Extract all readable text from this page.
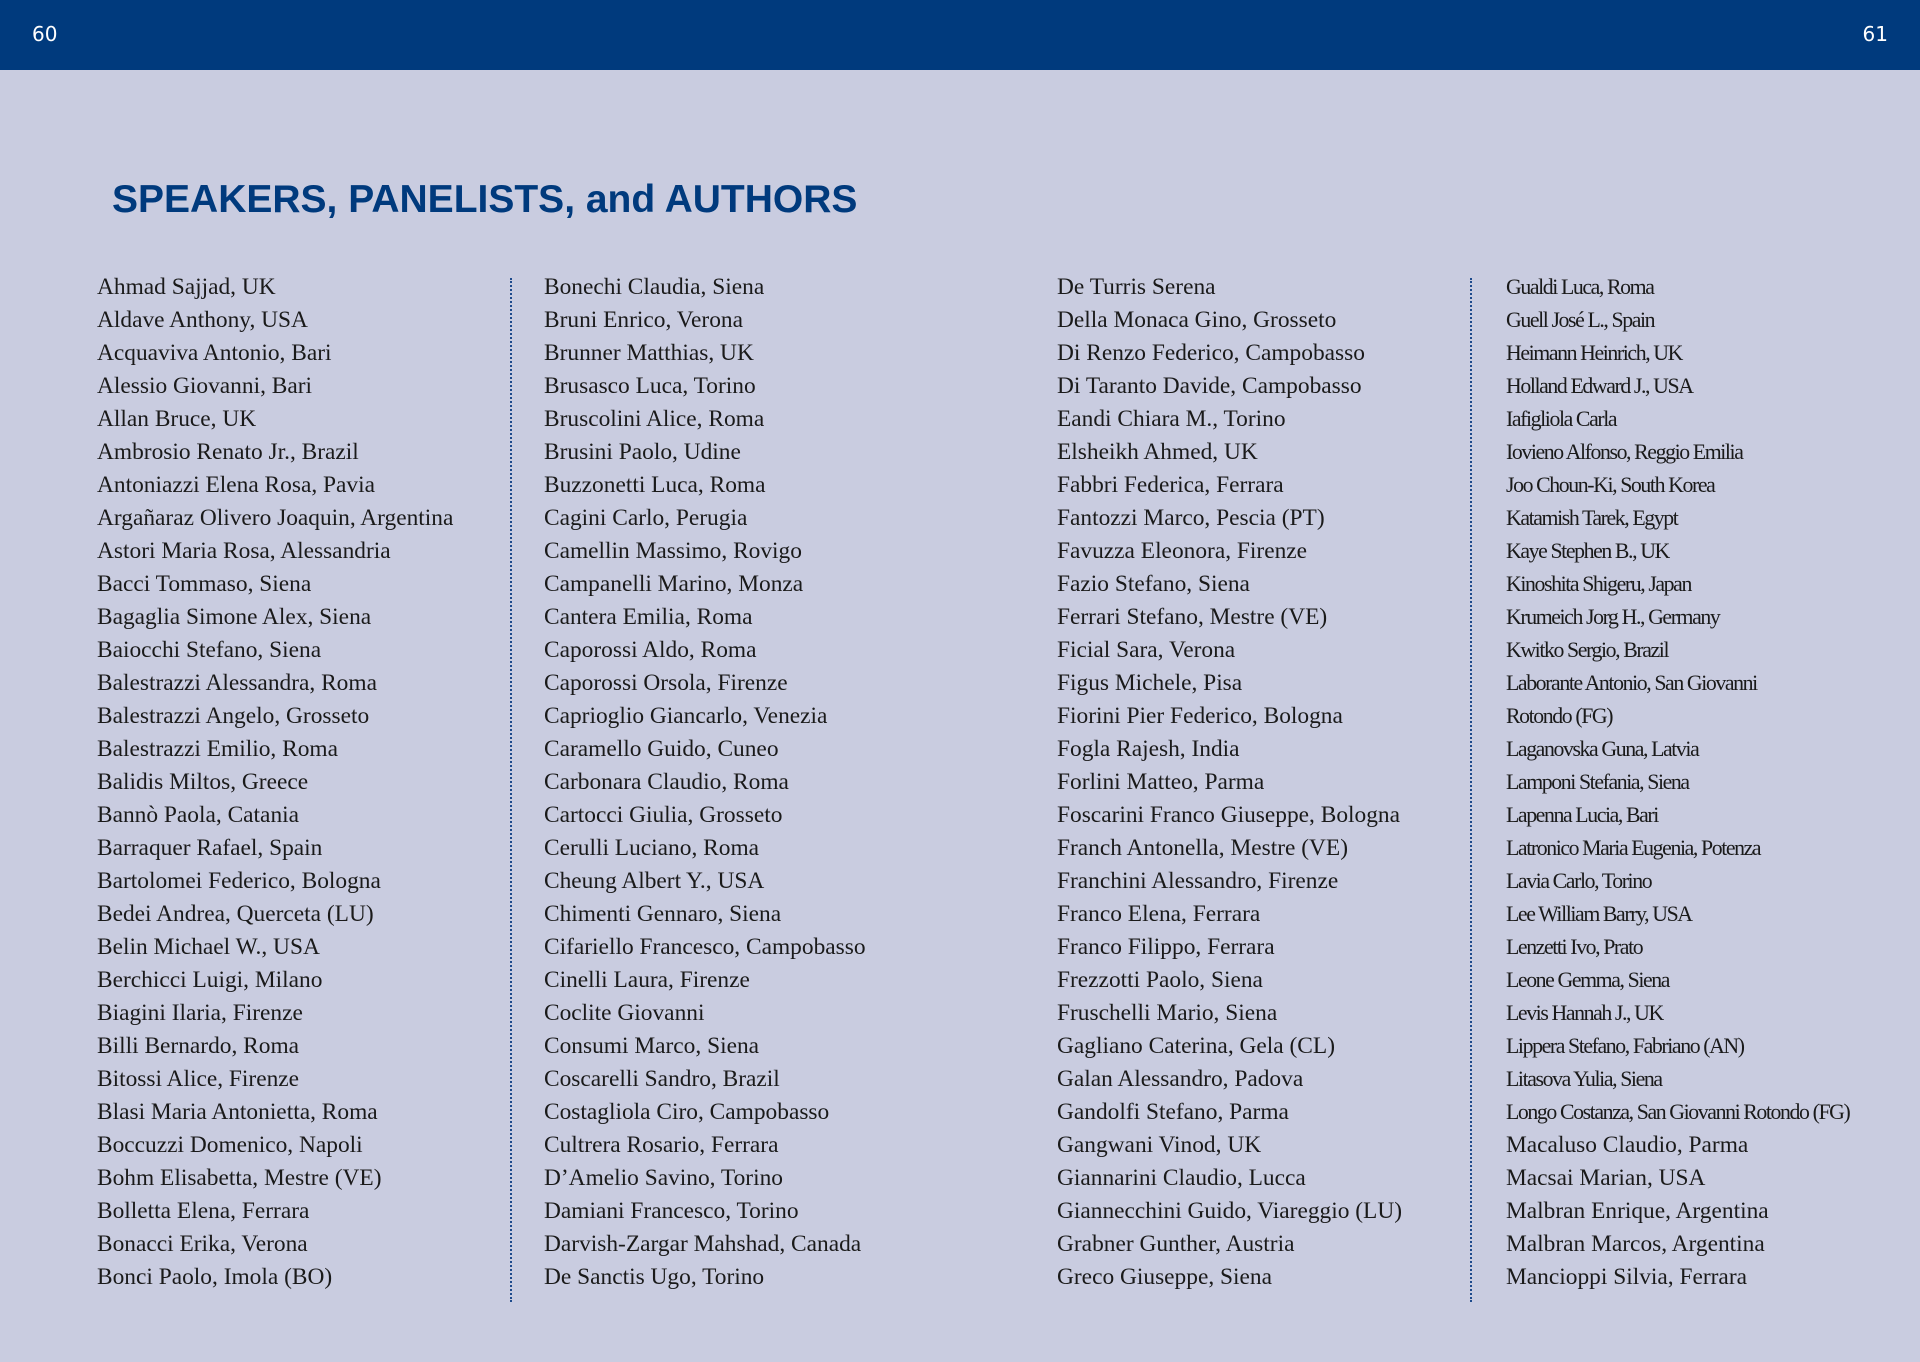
60	61
SPEAKERS, PANELISTS, and AUTHORS
Ahmad Sajjad, UK
Aldave Anthony, USA
Acquaviva Antonio, Bari
Alessio Giovanni, Bari
Allan Bruce, UK
Ambrosio Renato Jr., Brazil
Antoniazzi Elena Rosa, Pavia
Argañaraz Olivero Joaquin, Argentina
Astori Maria Rosa, Alessandria
Bacci Tommaso, Siena
Bagaglia Simone Alex, Siena
Baiocchi Stefano, Siena
Balestrazzi Alessandra, Roma
Balestrazzi Angelo, Grosseto
Balestrazzi Emilio, Roma
Balidis Miltos, Greece
Bannò Paola, Catania
Barraquer Rafael, Spain
Bartolomei Federico, Bologna
Bedei Andrea, Querceta (LU)
Belin Michael W., USA
Berchicci Luigi, Milano
Biagini Ilaria, Firenze
Billi Bernardo, Roma
Bitossi Alice, Firenze
Blasi Maria Antonietta, Roma
Boccuzzi Domenico, Napoli
Bohm Elisabetta, Mestre (VE)
Bolletta Elena, Ferrara
Bonacci Erika, Verona
Bonci Paolo, Imola (BO)
Bonechi Claudia, Siena
Bruni Enrico, Verona
Brunner Matthias, UK
Brusasco Luca, Torino
Bruscolini Alice, Roma
Brusini Paolo, Udine
Buzzonetti Luca, Roma
Cagini Carlo, Perugia
Camellin Massimo, Rovigo
Campanelli Marino, Monza
Cantera Emilia, Roma
Caporossi Aldo, Roma
Caporossi Orsola, Firenze
Caprioglio Giancarlo, Venezia
Caramello Guido, Cuneo
Carbonara Claudio, Roma
Cartocci Giulia, Grosseto
Cerulli Luciano, Roma
Cheung Albert Y., USA
Chimenti Gennaro, Siena
Cifariello Francesco, Campobasso
Cinelli Laura, Firenze
Coclite Giovanni
Consumi Marco, Siena
Coscarelli Sandro, Brazil
Costagliola Ciro, Campobasso
Cultrera Rosario, Ferrara
D’Amelio Savino, Torino
Damiani Francesco, Torino
Darvish-Zargar Mahshad, Canada
De Sanctis Ugo, Torino
De Turris Serena
Della Monaca Gino, Grosseto
Di Renzo Federico, Campobasso
Di Taranto Davide, Campobasso
Eandi Chiara M., Torino
Elsheikh Ahmed, UK
Fabbri Federica, Ferrara
Fantozzi Marco, Pescia (PT)
Favuzza Eleonora, Firenze
Fazio Stefano, Siena
Ferrari Stefano, Mestre (VE)
Ficial Sara, Verona
Figus Michele, Pisa
Fiorini Pier Federico, Bologna
Fogla Rajesh, India
Forlini Matteo, Parma
Foscarini Franco Giuseppe, Bologna
Franch Antonella, Mestre (VE)
Franchini Alessandro, Firenze
Franco Elena, Ferrara
Franco Filippo, Ferrara
Frezzotti Paolo, Siena
Fruschelli Mario, Siena
Gagliano Caterina, Gela (CL)
Galan Alessandro, Padova
Gandolfi Stefano, Parma
Gangwani Vinod, UK
Giannarini Claudio, Lucca
Giannecchini Guido, Viareggio (LU)
Grabner Gunther, Austria
Greco Giuseppe, Siena
Gualdi Luca, Roma
Guell José L., Spain
Heimann Heinrich, UK
Holland Edward J., USA
Iafigliola Carla
Iovieno Alfonso, Reggio Emilia
Joo Choun-Ki, South Korea
Katamish Tarek, Egypt
Kaye Stephen B., UK
Kinoshita Shigeru, Japan
Krumeich Jorg H., Germany
Kwitko Sergio, Brazil
Laborante Antonio, San Giovanni
Rotondo (FG)
Laganovska Guna, Latvia
Lamponi Stefania, Siena
Lapenna Lucia, Bari
Latronico Maria Eugenia, Potenza
Lavia Carlo, Torino
Lee William Barry, USA
Lenzetti Ivo, Prato
Leone Gemma, Siena
Levis Hannah J., UK
Lippera Stefano, Fabriano (AN)
Litasova Yulia, Siena
Longo Costanza, San Giovanni Rotondo (FG)
Macaluso Claudio, Parma
Macsai Marian, USA
Malbran Enrique, Argentina
Malbran Marcos, Argentina
Mancioppi Silvia, Ferrara
